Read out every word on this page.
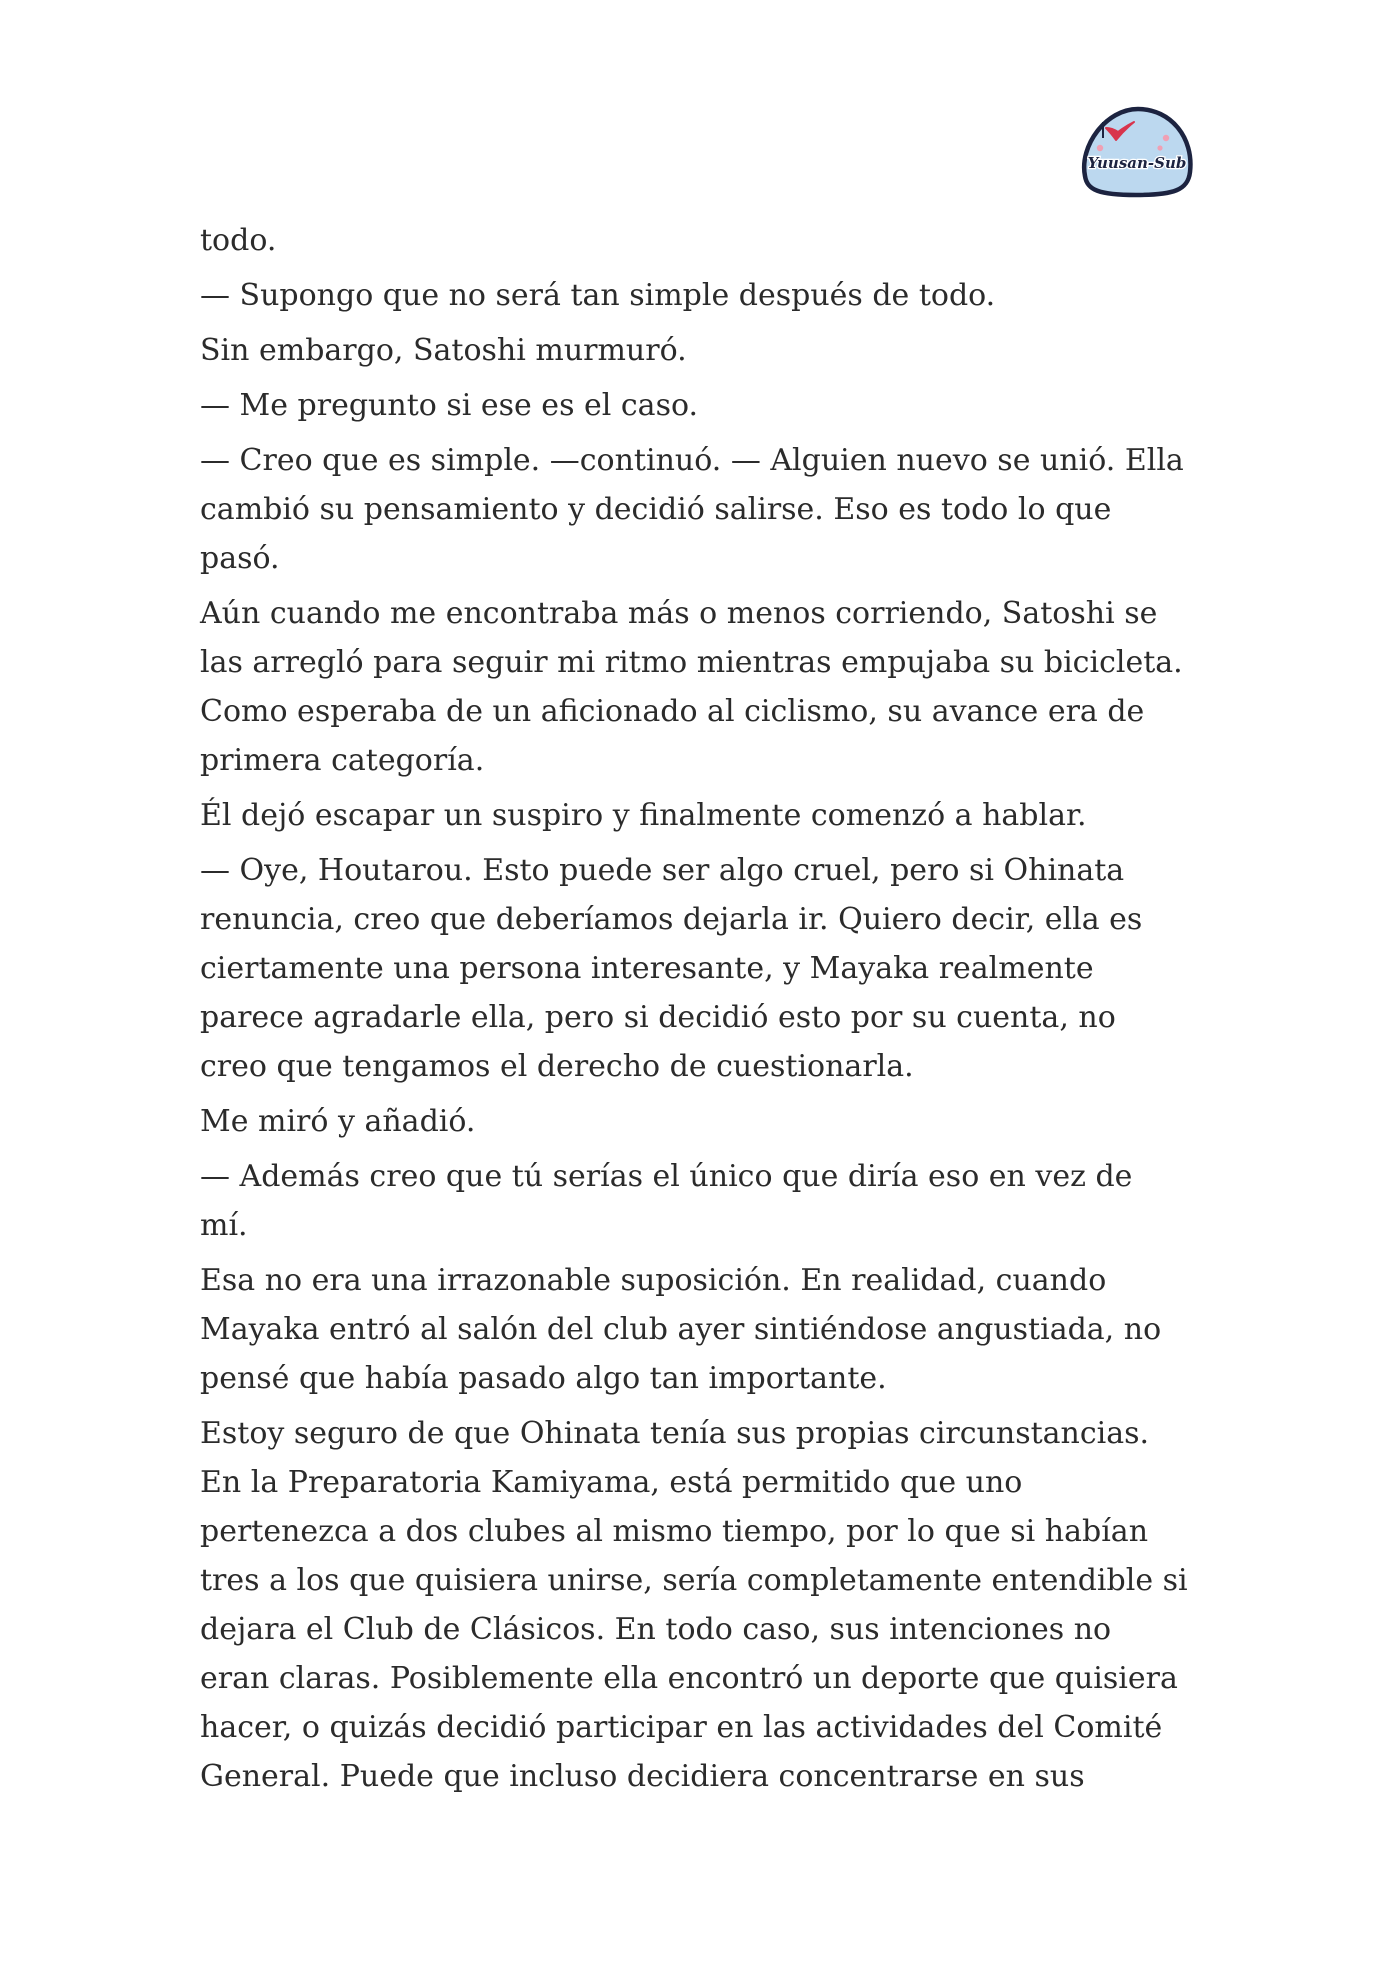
Yuusan-Sub
todo.
— Supongo que no será tan simple después de todo.
Sin embargo, Satoshi murmuró.
— Me pregunto si ese es el caso.
— Creo que es simple. —continuó. — Alguien nuevo se unió. Ella
cambió su pensamiento y decidió salirse. Eso es todo lo que
pasó.
Aún cuando me encontraba más o menos corriendo, Satoshi se
las arregló para seguir mi ritmo mientras empujaba su bicicleta.
Como esperaba de un aficionado al ciclismo, su avance era de
primera categoría.
Él dejó escapar un suspiro y finalmente comenzó a hablar.
— Oye, Houtarou. Esto puede ser algo cruel, pero si Ohinata
renuncia, creo que deberíamos dejarla ir. Quiero decir, ella es
ciertamente una persona interesante, y Mayaka realmente
parece agradarle ella, pero si decidió esto por su cuenta, no
creo que tengamos el derecho de cuestionarla.
Me miró y añadió.
— Además creo que tú serías el único que diría eso en vez de
mí.
Esa no era una irrazonable suposición. En realidad, cuando
Mayaka entró al salón del club ayer sintiéndose angustiada, no
pensé que había pasado algo tan importante.
Estoy seguro de que Ohinata tenía sus propias circunstancias.
En la Preparatoria Kamiyama, está permitido que uno
pertenezca a dos clubes al mismo tiempo, por lo que si habían
tres a los que quisiera unirse, sería completamente entendible si
dejara el Club de Clásicos. En todo caso, sus intenciones no
eran claras. Posiblemente ella encontró un deporte que quisiera
hacer, o quizás decidió participar en las actividades del Comité
General. Puede que incluso decidiera concentrarse en sus
